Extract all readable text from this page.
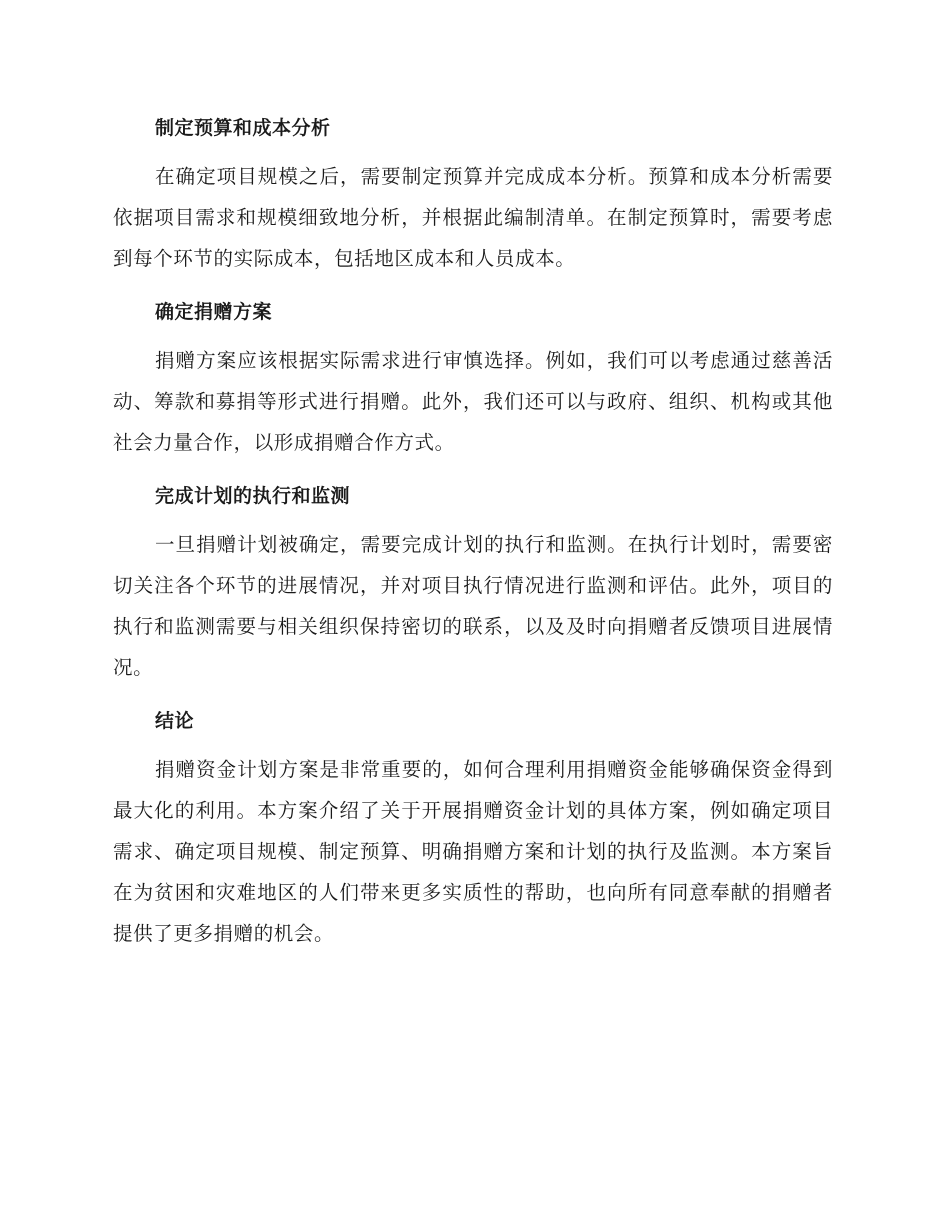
制定预算和成本分析

在确定项目规模之后，需要制定预算并完成成本分析。预算和成本分析需要依据项目需求和规模细致地分析，并根据此编制清单。在制定预算时，需要考虑到每个环节的实际成本，包括地区成本和人员成本。

确定捐赠方案

捐赠方案应该根据实际需求进行审慎选择。例如，我们可以考虑通过慈善活动、筹款和募捐等形式进行捐赠。此外，我们还可以与政府、组织、机构或其他社会力量合作，以形成捐赠合作方式。

完成计划的执行和监测

一旦捐赠计划被确定，需要完成计划的执行和监测。在执行计划时，需要密切关注各个环节的进展情况，并对项目执行情况进行监测和评估。此外，项目的执行和监测需要与相关组织保持密切的联系，以及及时向捐赠者反馈项目进展情况。

结论

捐赠资金计划方案是非常重要的，如何合理利用捐赠资金能够确保资金得到最大化的利用。本方案介绍了关于开展捐赠资金计划的具体方案，例如确定项目需求、确定项目规模、制定预算、明确捐赠方案和计划的执行及监测。本方案旨在为贫困和灾难地区的人们带来更多实质性的帮助，也向所有同意奉献的捐赠者提供了更多捐赠的机会。
